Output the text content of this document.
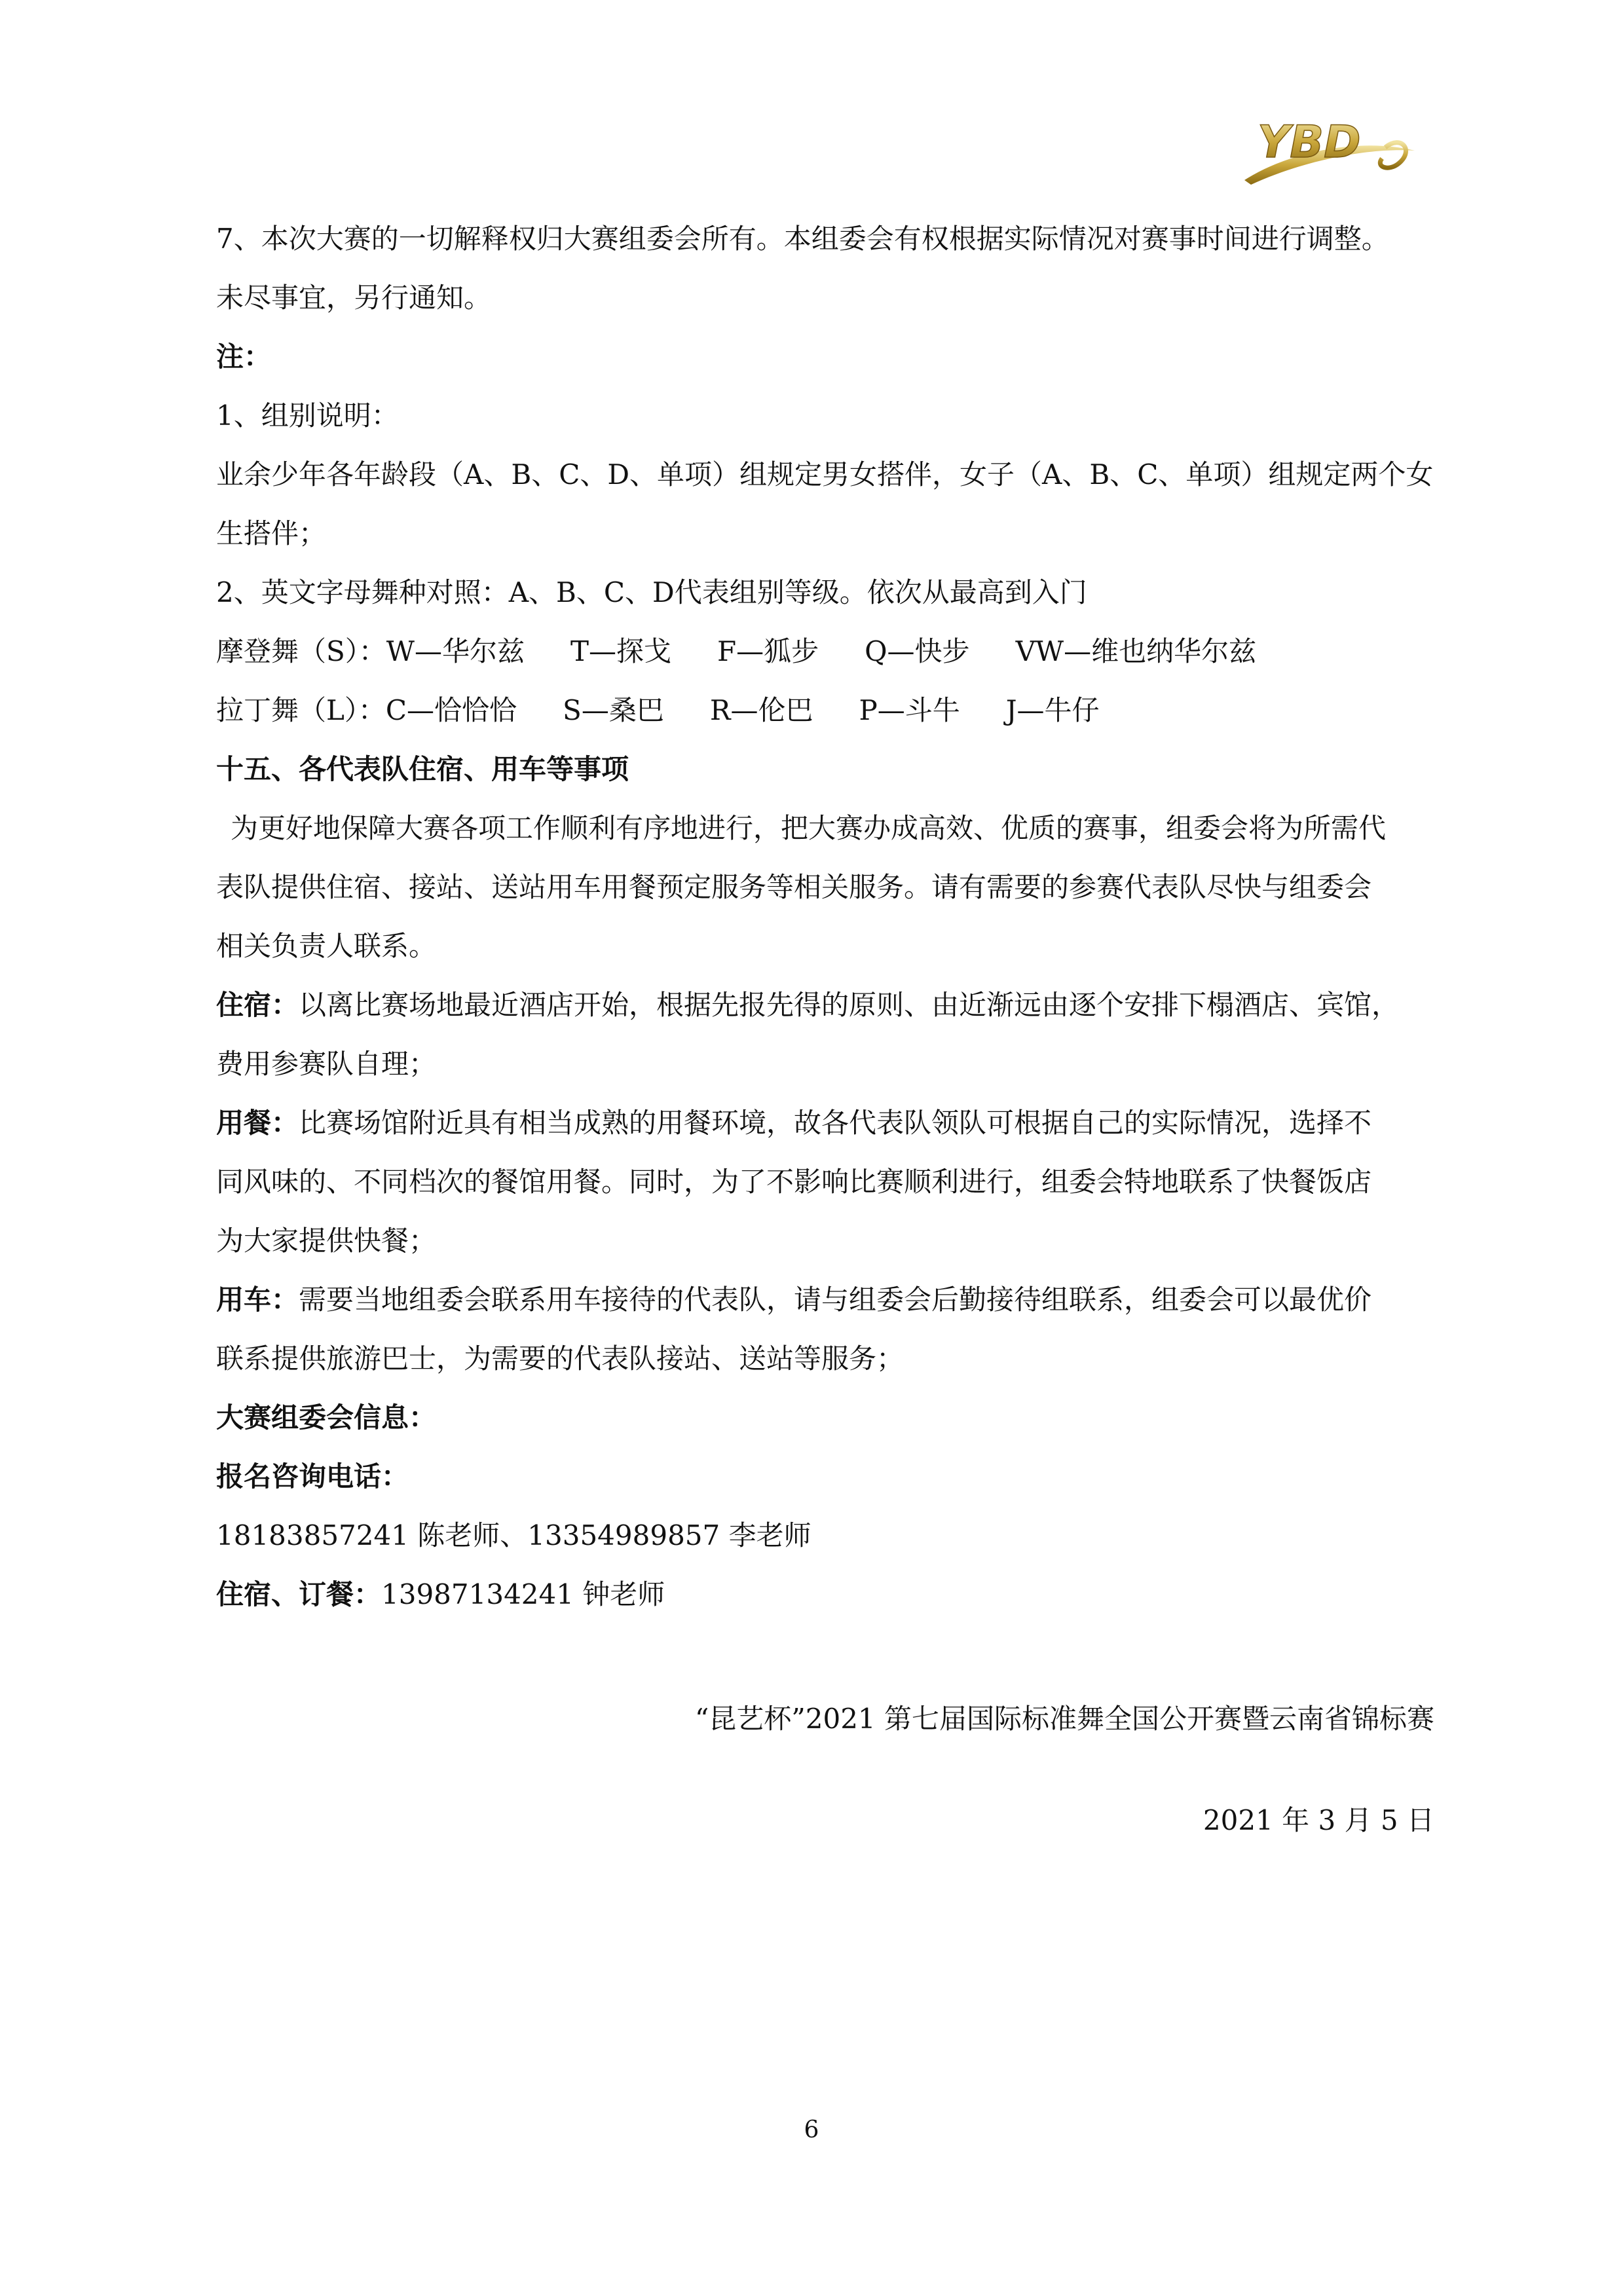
YBD
7、本次大赛的一切解释权归大赛组委会所有。本组委会有权根据实际情况对赛事时间进行调整。
未尽事宜，另行通知。
注：
1、组别说明：
业余少年各年龄段（A、B、C、D、单项）组规定男女搭伴，女子（A、B、C、单项）组规定两个女
生搭伴；
2、英文字母舞种对照：A、B、C、D代表组别等级。依次从最高到入门
摩登舞（S）：W—华尔兹 T—探戈 F—狐步 Q—快步 VW—维也纳华尔兹
拉丁舞（L）：C—恰恰恰 S—桑巴 R—伦巴 P—斗牛 J—牛仔
十五、各代表队住宿、用车等事项
为更好地保障大赛各项工作顺利有序地进行，把大赛办成高效、优质的赛事，组委会将为所需代
表队提供住宿、接站、送站用车用餐预定服务等相关服务。请有需要的参赛代表队尽快与组委会
相关负责人联系。
住宿：以离比赛场地最近酒店开始，根据先报先得的原则、由近渐远由逐个安排下榻酒店、宾馆，
费用参赛队自理；
用餐：比赛场馆附近具有相当成熟的用餐环境，故各代表队领队可根据自己的实际情况，选择不
同风味的、不同档次的餐馆用餐。同时，为了不影响比赛顺利进行，组委会特地联系了快餐饭店
为大家提供快餐；
用车：需要当地组委会联系用车接待的代表队，请与组委会后勤接待组联系，组委会可以最优价
联系提供旅游巴士，为需要的代表队接站、送站等服务；
大赛组委会信息：
报名咨询电话：
18183857241 陈老师、13354989857 李老师
住宿、订餐：13987134241 钟老师
“昆艺杯”2021 第七届国际标准舞全国公开赛暨云南省锦标赛
2021 年 3 月 5 日
6
